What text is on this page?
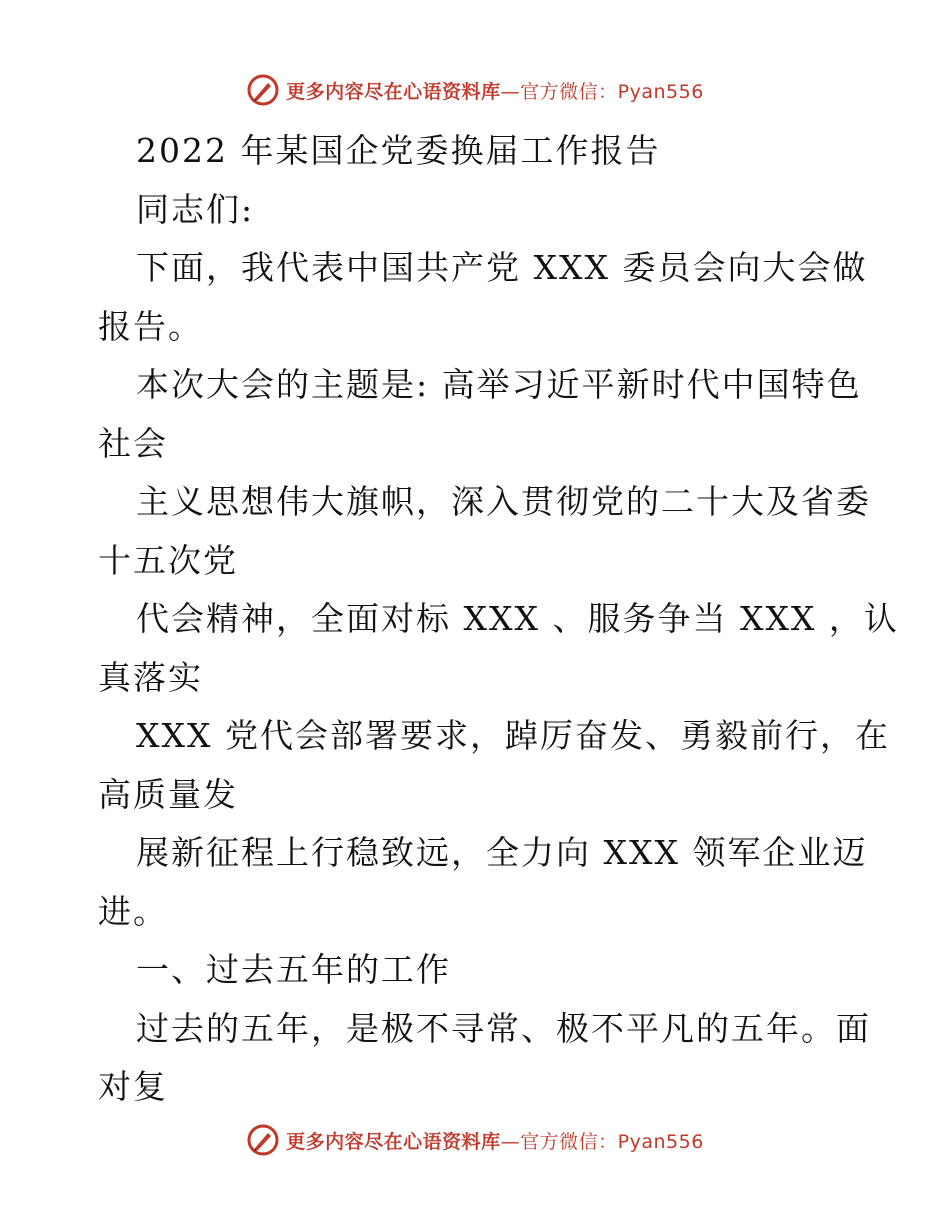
更多内容尽在心语资料库—官方微信：Pyan556
2022 年某国企党委换届工作报告
同志们:
下面，我代表中国共产党 XXX 委员会向大会做
报告。
本次大会的主题是: 高举习近平新时代中国特色
社会
主义思想伟大旗帜，深入贯彻党的二十大及省委
十五次党
代会精神，全面对标 XXX 、服务争当 XXX ，认
真落实
XXX 党代会部署要求，踔厉奋发、勇毅前行，在
高质量发
展新征程上行稳致远，全力向 XXX 领军企业迈
进。
一、过去五年的工作
过去的五年，是极不寻常、极不平凡的五年。面
对复
更多内容尽在心语资料库—官方微信：Pyan556
